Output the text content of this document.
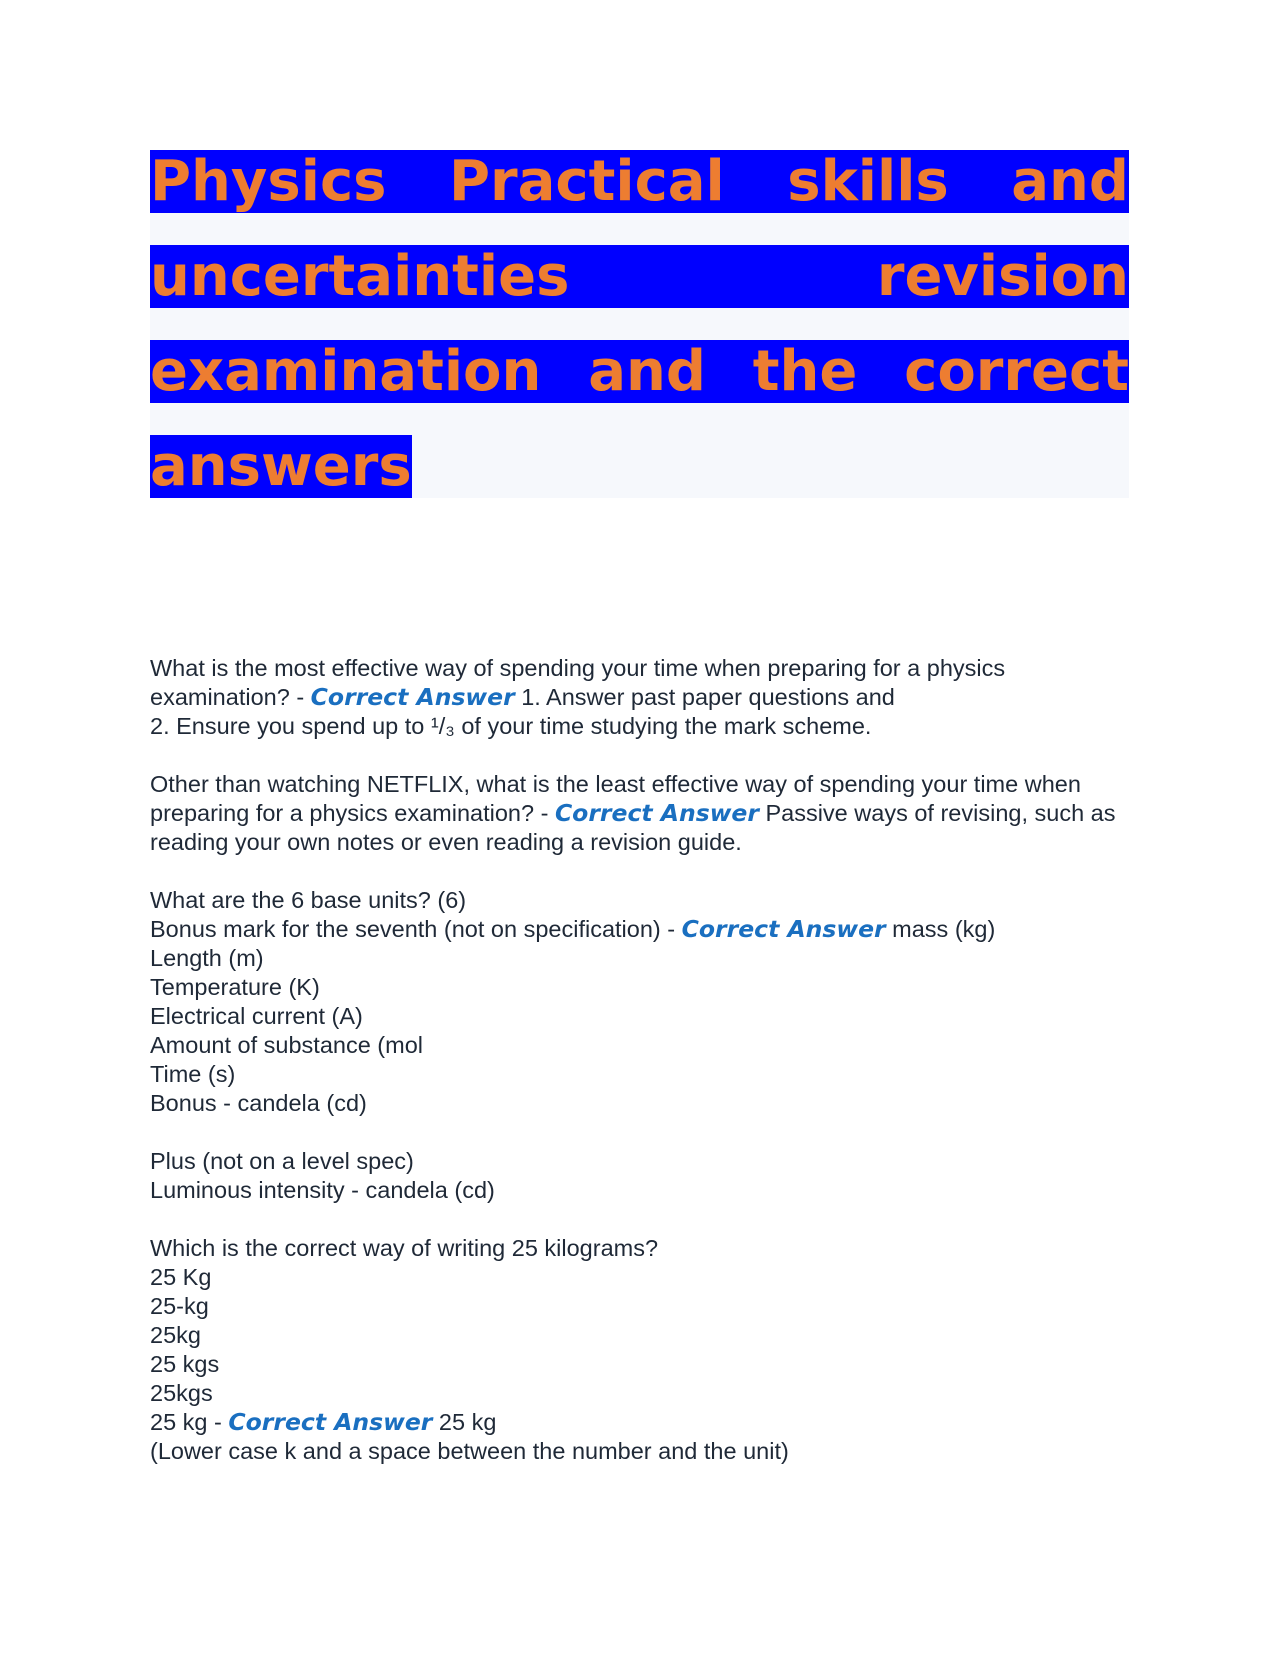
Physics Practical skills and
uncertainties	revision
examination and the correct
answers

What is the most effective way of spending your time when preparing for a physics examination? - Correct Answer 1. Answer past paper questions and

2. Ensure you spend up to ¹/₃ of your time studying the mark scheme.

Other than watching NETFLIX, what is the least effective way of spending your time when preparing for a physics examination? - Correct Answer Passive ways of revising, such as reading your own notes or even reading a revision guide.

What are the 6 base units? (6)

Bonus mark for the seventh (not on specification) - Correct Answer mass (kg)

Length (m)

Temperature (K)

Electrical current (A)

Amount of substance (mol

Time (s)

Bonus - candela (cd)

Plus (not on a level spec)

Luminous intensity - candela (cd)

Which is the correct way of writing 25 kilograms?

25 Kg

25-kg

25kg

25 kgs

25kgs

25 kg - Correct Answer 25 kg

(Lower case k and a space between the number and the unit)
